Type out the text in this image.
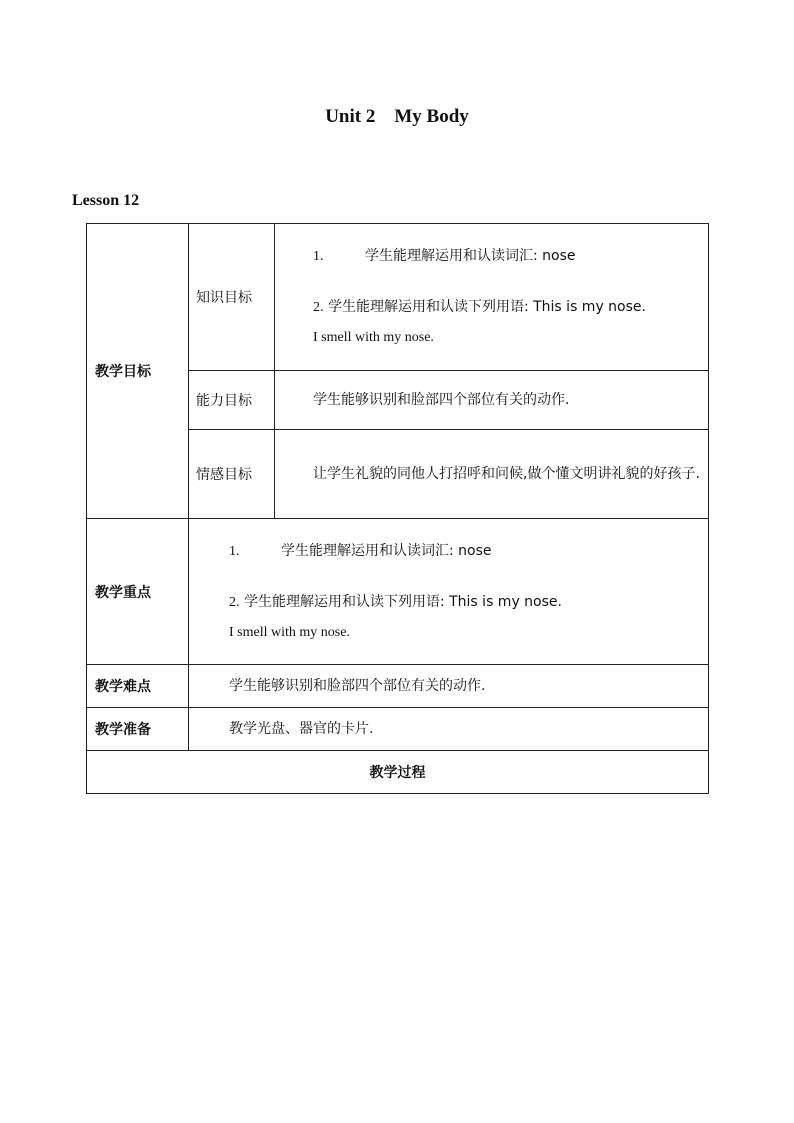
Unit 2    My Body
Lesson 12
教学目标	知识目标	1. 学生能理解运用和认读词汇: nose
2. 学生能理解运用和认读下列用语: This is my nose.
I smell with my nose.

	能力目标	学生能够识别和脸部四个部位有关的动作.
	情感目标	让学生礼貌的同他人打招呼和问候,做个懂文明讲礼貌的好孩子.
教学重点	1. 学生能理解运用和认读词汇: nose
2. 学生能理解运用和认读下列用语: This is my nose.
I smell with my nose.	

教学难点	学生能够识别和脸部四个部位有关的动作.	
教学准备	教学光盘、器官的卡片.	
教学过程		
